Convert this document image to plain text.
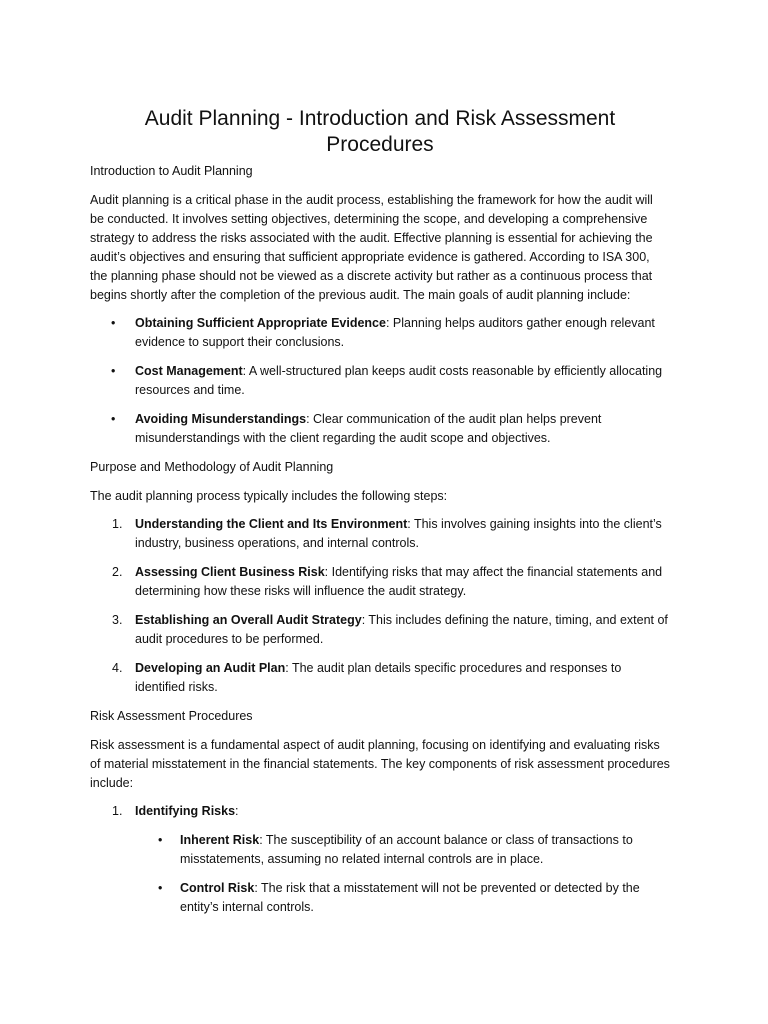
Audit Planning - Introduction and Risk Assessment Procedures

Introduction to Audit Planning

Audit planning is a critical phase in the audit process, establishing the framework for how the audit will be conducted. It involves setting objectives, determining the scope, and developing a comprehensive strategy to address the risks associated with the audit. Effective planning is essential for achieving the audit’s objectives and ensuring that sufficient appropriate evidence is gathered. According to ISA 300, the planning phase should not be viewed as a discrete activity but rather as a continuous process that begins shortly after the completion of the previous audit. The main goals of audit planning include:

• Obtaining Sufficient Appropriate Evidence: Planning helps auditors gather enough relevant evidence to support their conclusions.
• Cost Management: A well-structured plan keeps audit costs reasonable by efficiently allocating resources and time.
• Avoiding Misunderstandings: Clear communication of the audit plan helps prevent misunderstandings with the client regarding the audit scope and objectives.

Purpose and Methodology of Audit Planning

The audit planning process typically includes the following steps:

1. Understanding the Client and Its Environment: This involves gaining insights into the client’s industry, business operations, and internal controls.
2. Assessing Client Business Risk: Identifying risks that may affect the financial statements and determining how these risks will influence the audit strategy.
3. Establishing an Overall Audit Strategy: This includes defining the nature, timing, and extent of audit procedures to be performed.
4. Developing an Audit Plan: The audit plan details specific procedures and responses to identified risks.

Risk Assessment Procedures

Risk assessment is a fundamental aspect of audit planning, focusing on identifying and evaluating risks of material misstatement in the financial statements. The key components of risk assessment procedures include:

1. Identifying Risks:
• Inherent Risk: The susceptibility of an account balance or class of transactions to misstatements, assuming no related internal controls are in place.
• Control Risk: The risk that a misstatement will not be prevented or detected by the entity’s internal controls.
